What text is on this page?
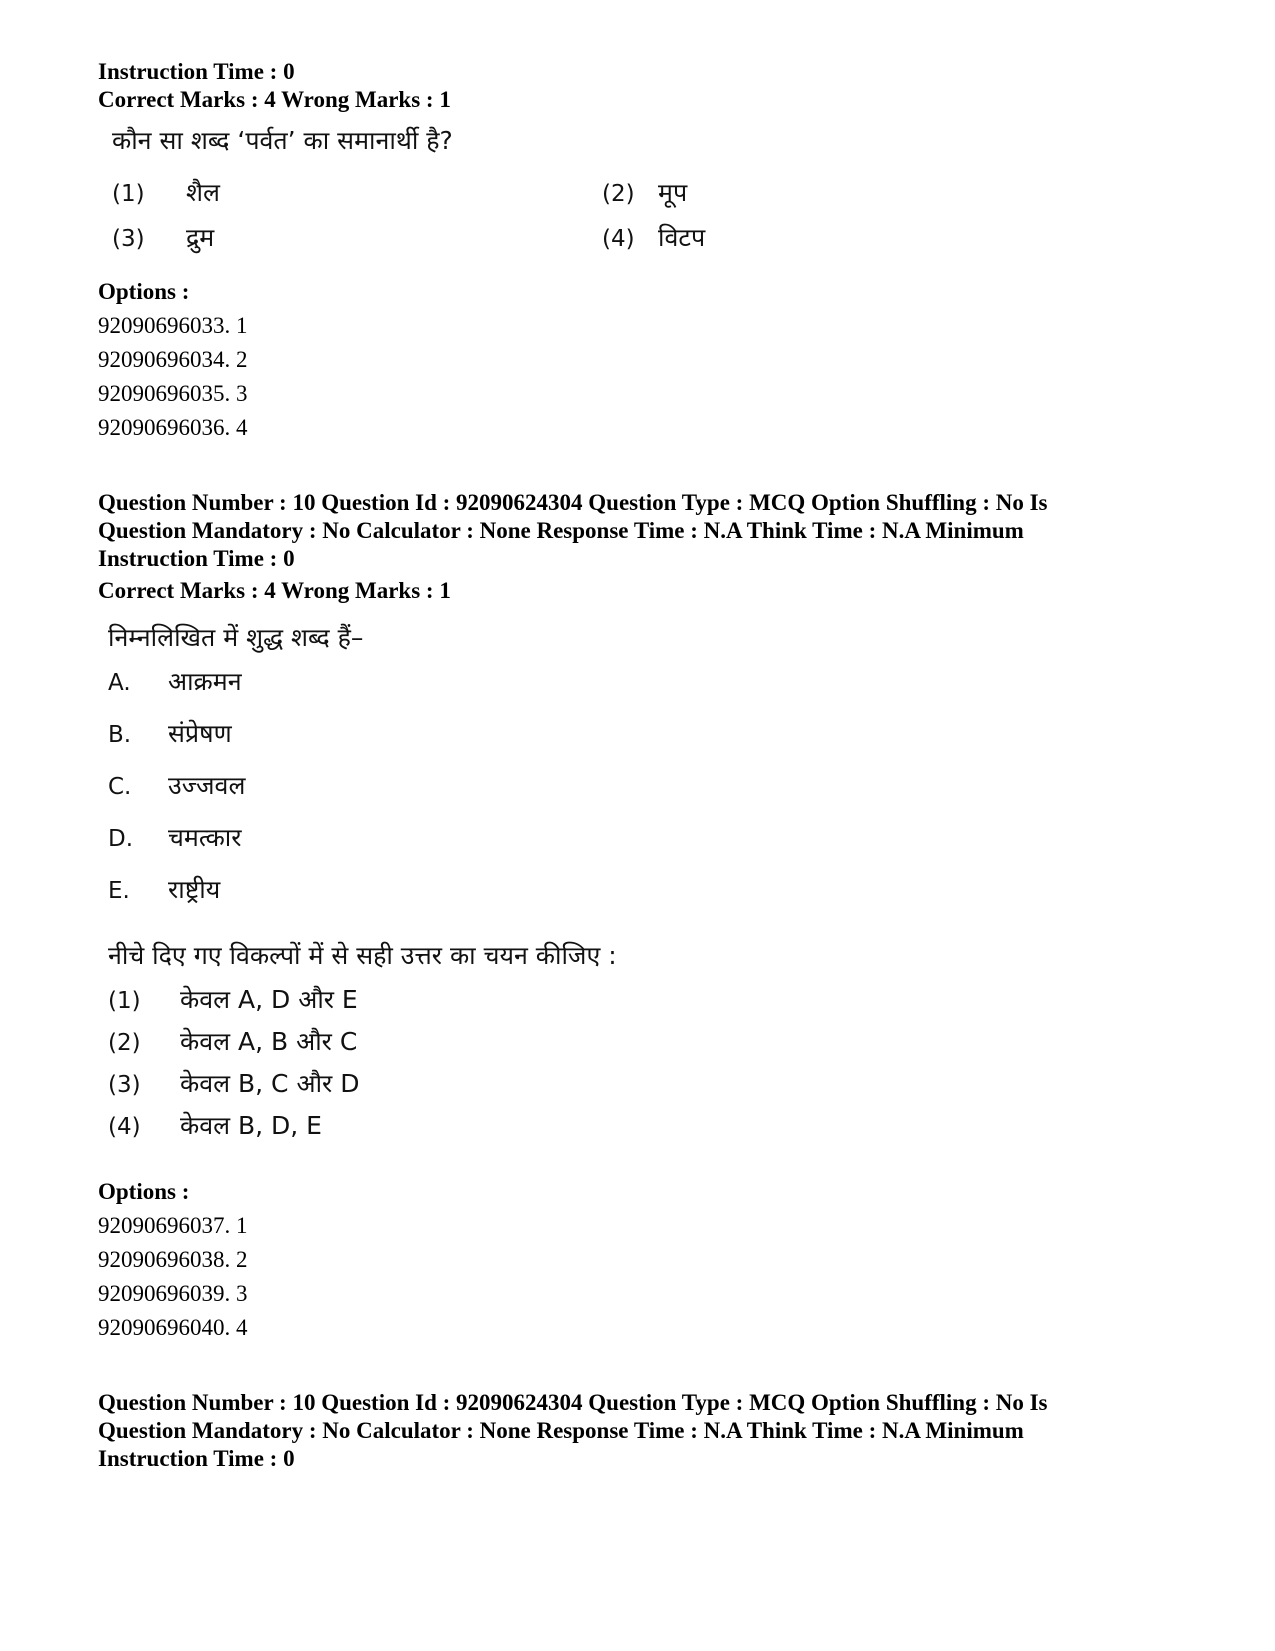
Instruction Time : 0

Correct Marks : 4 Wrong Marks : 1

कौन सा शब्द ‘पर्वत’ का समानार्थी है?
(1)	शैल	(2) मूप
(3)	द्रुम	(4) विटप

Options :

92090696033. 1

92090696034. 2

92090696035. 3

92090696036. 4

Question Number : 10 Question Id : 92090624304 Question Type : MCQ Option Shuffling : No Is

Question Mandatory : No Calculator : None Response Time : N.A Think Time : N.A Minimum

Instruction Time : 0

Correct Marks : 4 Wrong Marks : 1

निम्नलिखित में शुद्ध शब्द हैं–
A.	आक्रमन
B.	संप्रेषण
C.	उज्जवल
D.	चमत्कार
E.	राष्ट्रीय
नीचे दिए गए विकल्पों में से सही उत्तर का चयन कीजिए :
(1)	केवल A, D और E
(2)	केवल A, B और C
(3)	केवल B, C और D
(4)	केवल B, D, E

Options :

92090696037. 1

92090696038. 2

92090696039. 3

92090696040. 4

Question Number : 10 Question Id : 92090624304 Question Type : MCQ Option Shuffling : No Is

Question Mandatory : No Calculator : None Response Time : N.A Think Time : N.A Minimum

Instruction Time : 0
